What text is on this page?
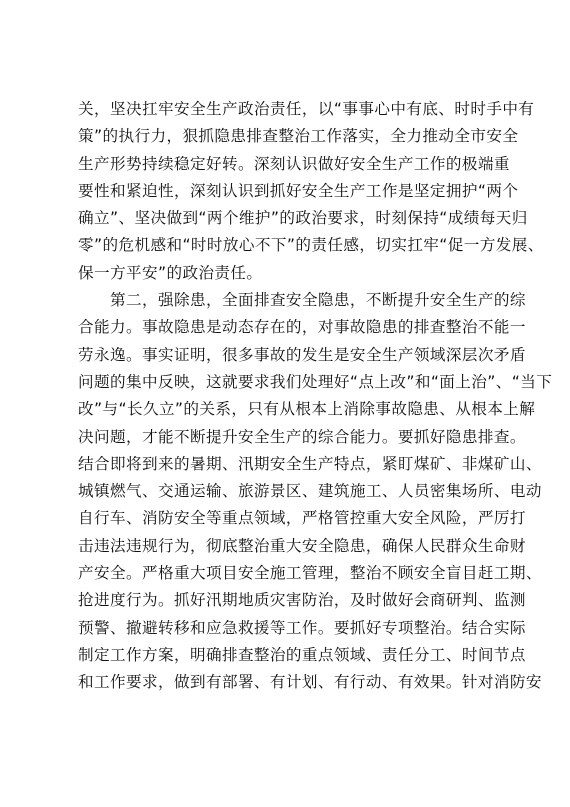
关，坚决扛牢安全生产政治责任，以“事事心中有底、时时手中有
策”的执行力，狠抓隐患排查整治工作落实，全力推动全市安全
生产形势持续稳定好转。深刻认识做好安全生产工作的极端重
要性和紧迫性，深刻认识到抓好安全生产工作是坚定拥护“两个
确立”、坚决做到“两个维护”的政治要求，时刻保持“成绩每天归
零”的危机感和“时时放心不下”的责任感，切实扛牢“促一方发展、
保一方平安”的政治责任。
第二，强除患，全面排查安全隐患，不断提升安全生产的综
合能力。事故隐患是动态存在的，对事故隐患的排查整治不能一
劳永逸。事实证明，很多事故的发生是安全生产领域深层次矛盾
问题的集中反映，这就要求我们处理好“点上改”和“面上治”、“当下
改”与“长久立”的关系，只有从根本上消除事故隐患、从根本上解
决问题，才能不断提升安全生产的综合能力。要抓好隐患排查。
结合即将到来的暑期、汛期安全生产特点，紧盯煤矿、非煤矿山、
城镇燃气、交通运输、旅游景区、建筑施工、人员密集场所、电动
自行车、消防安全等重点领域，严格管控重大安全风险，严厉打
击违法违规行为，彻底整治重大安全隐患，确保人民群众生命财
产安全。严格重大项目安全施工管理，整治不顾安全盲目赶工期、
抢进度行为。抓好汛期地质灾害防治，及时做好会商研判、监测
预警、撤避转移和应急救援等工作。要抓好专项整治。结合实际
制定工作方案，明确排查整治的重点领域、责任分工、时间节点
和工作要求，做到有部署、有计划、有行动、有效果。针对消防安
